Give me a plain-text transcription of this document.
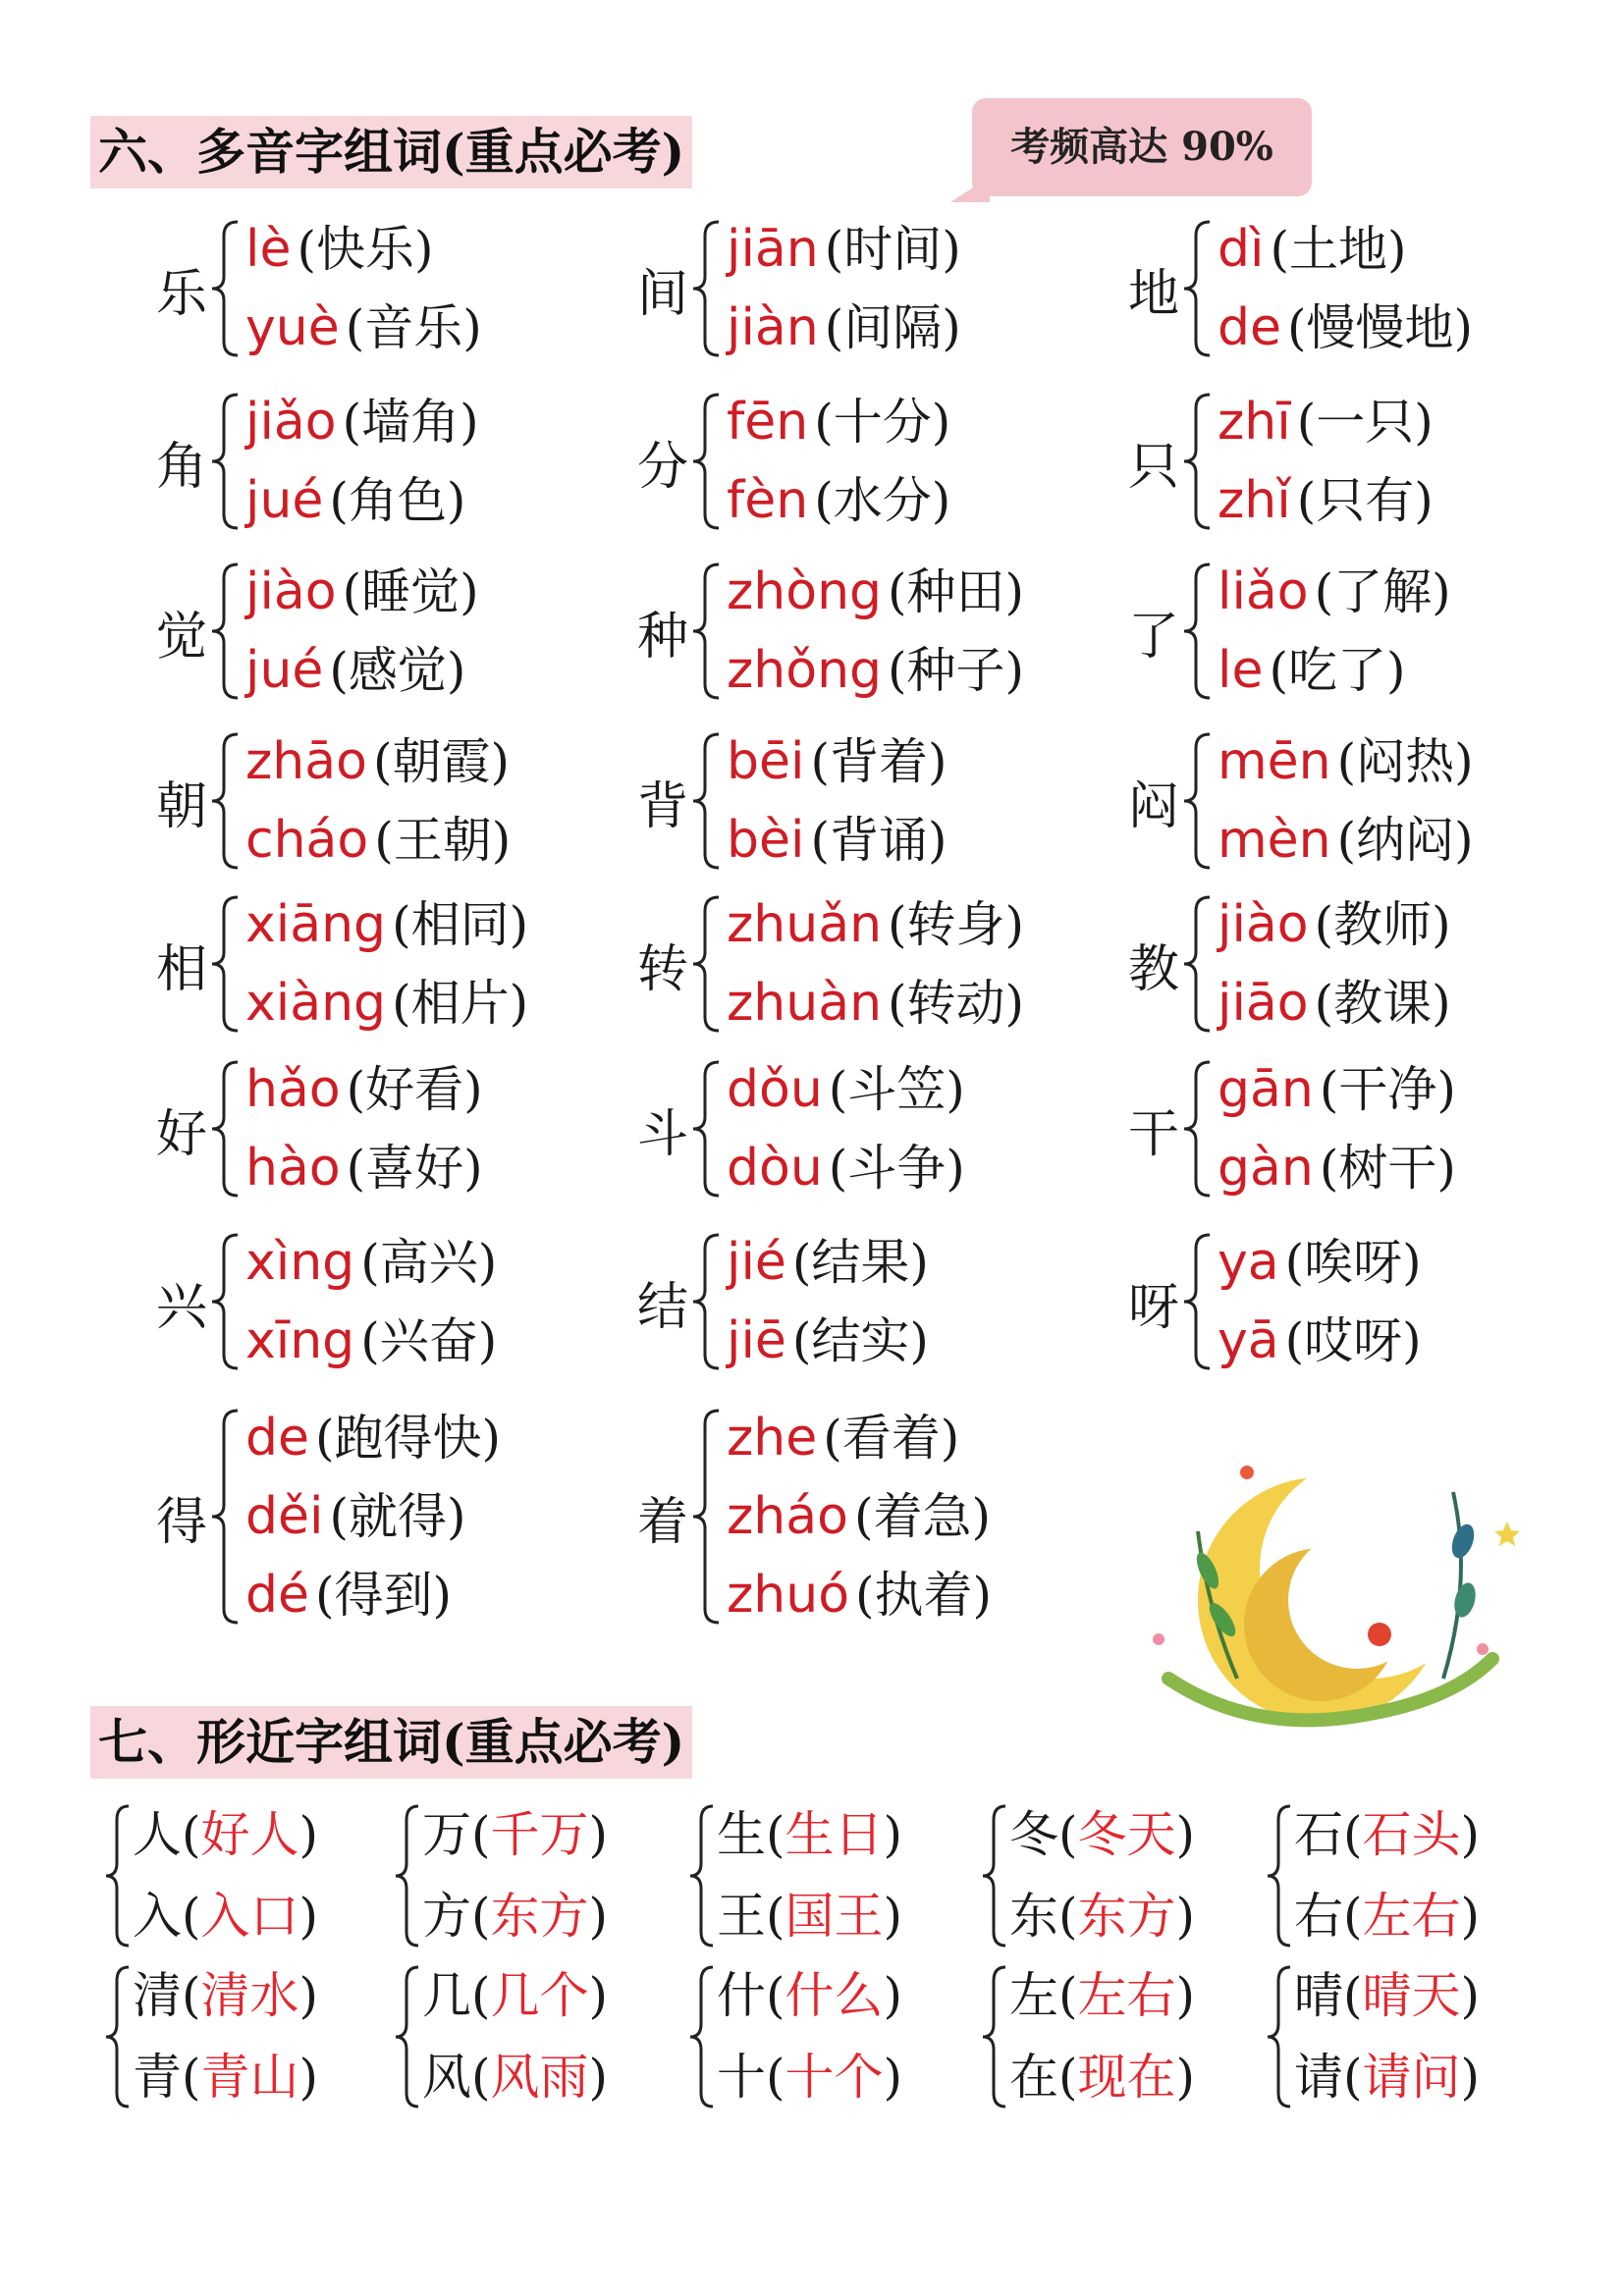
六、多音字组词(重点必考)	考频高达 90%
乐
lè (快乐)
yuè (音乐)
间
jiān (时间)
jiàn (间隔)
地
dì (土地)
de (慢慢地)
角
jiǎo (墙角)
jué (角色)
分
fēn (十分)
fèn (水分)
只
zhī (一只)
zhǐ (只有)
觉
jiào (睡觉)
jué (感觉)
种
zhòng (种田)
zhǒng (种子)
了
liǎo (了解)
le (吃了)
朝
zhāo (朝霞)
cháo (王朝)
背
bēi (背着)
bèi (背诵)
闷
mēn (闷热)
mèn (纳闷)
相
xiāng (相同)
xiàng (相片)
转
zhuǎn (转身)
zhuàn (转动)
教
jiào (教师)
jiāo (教课)
好
hǎo (好看)
hào (喜好)
斗
dǒu (斗笠)
dòu (斗争)
干
gān (干净)
gàn (树干)
兴
xìng (高兴)
xīng (兴奋)
结
jié (结果)
jiē (结实)
呀
ya (唉呀)
yā (哎呀)
得
de (跑得快)
děi (就得)
dé (得到)
着
zhe (看着)
zháo (着急)
zhuó (执着)
七、形近字组词(重点必考)
人(好人)
入(入口)
万(千万)
方(东方)
生(生日)
王(国王)
冬(冬天)
东(东方)
石(石头)
右(左右)
清(清水)
青(青山)
几(几个)
风(风雨)
什(什么)
十(十个)
左(左右)
在(现在)
晴(晴天)
请(请问)
